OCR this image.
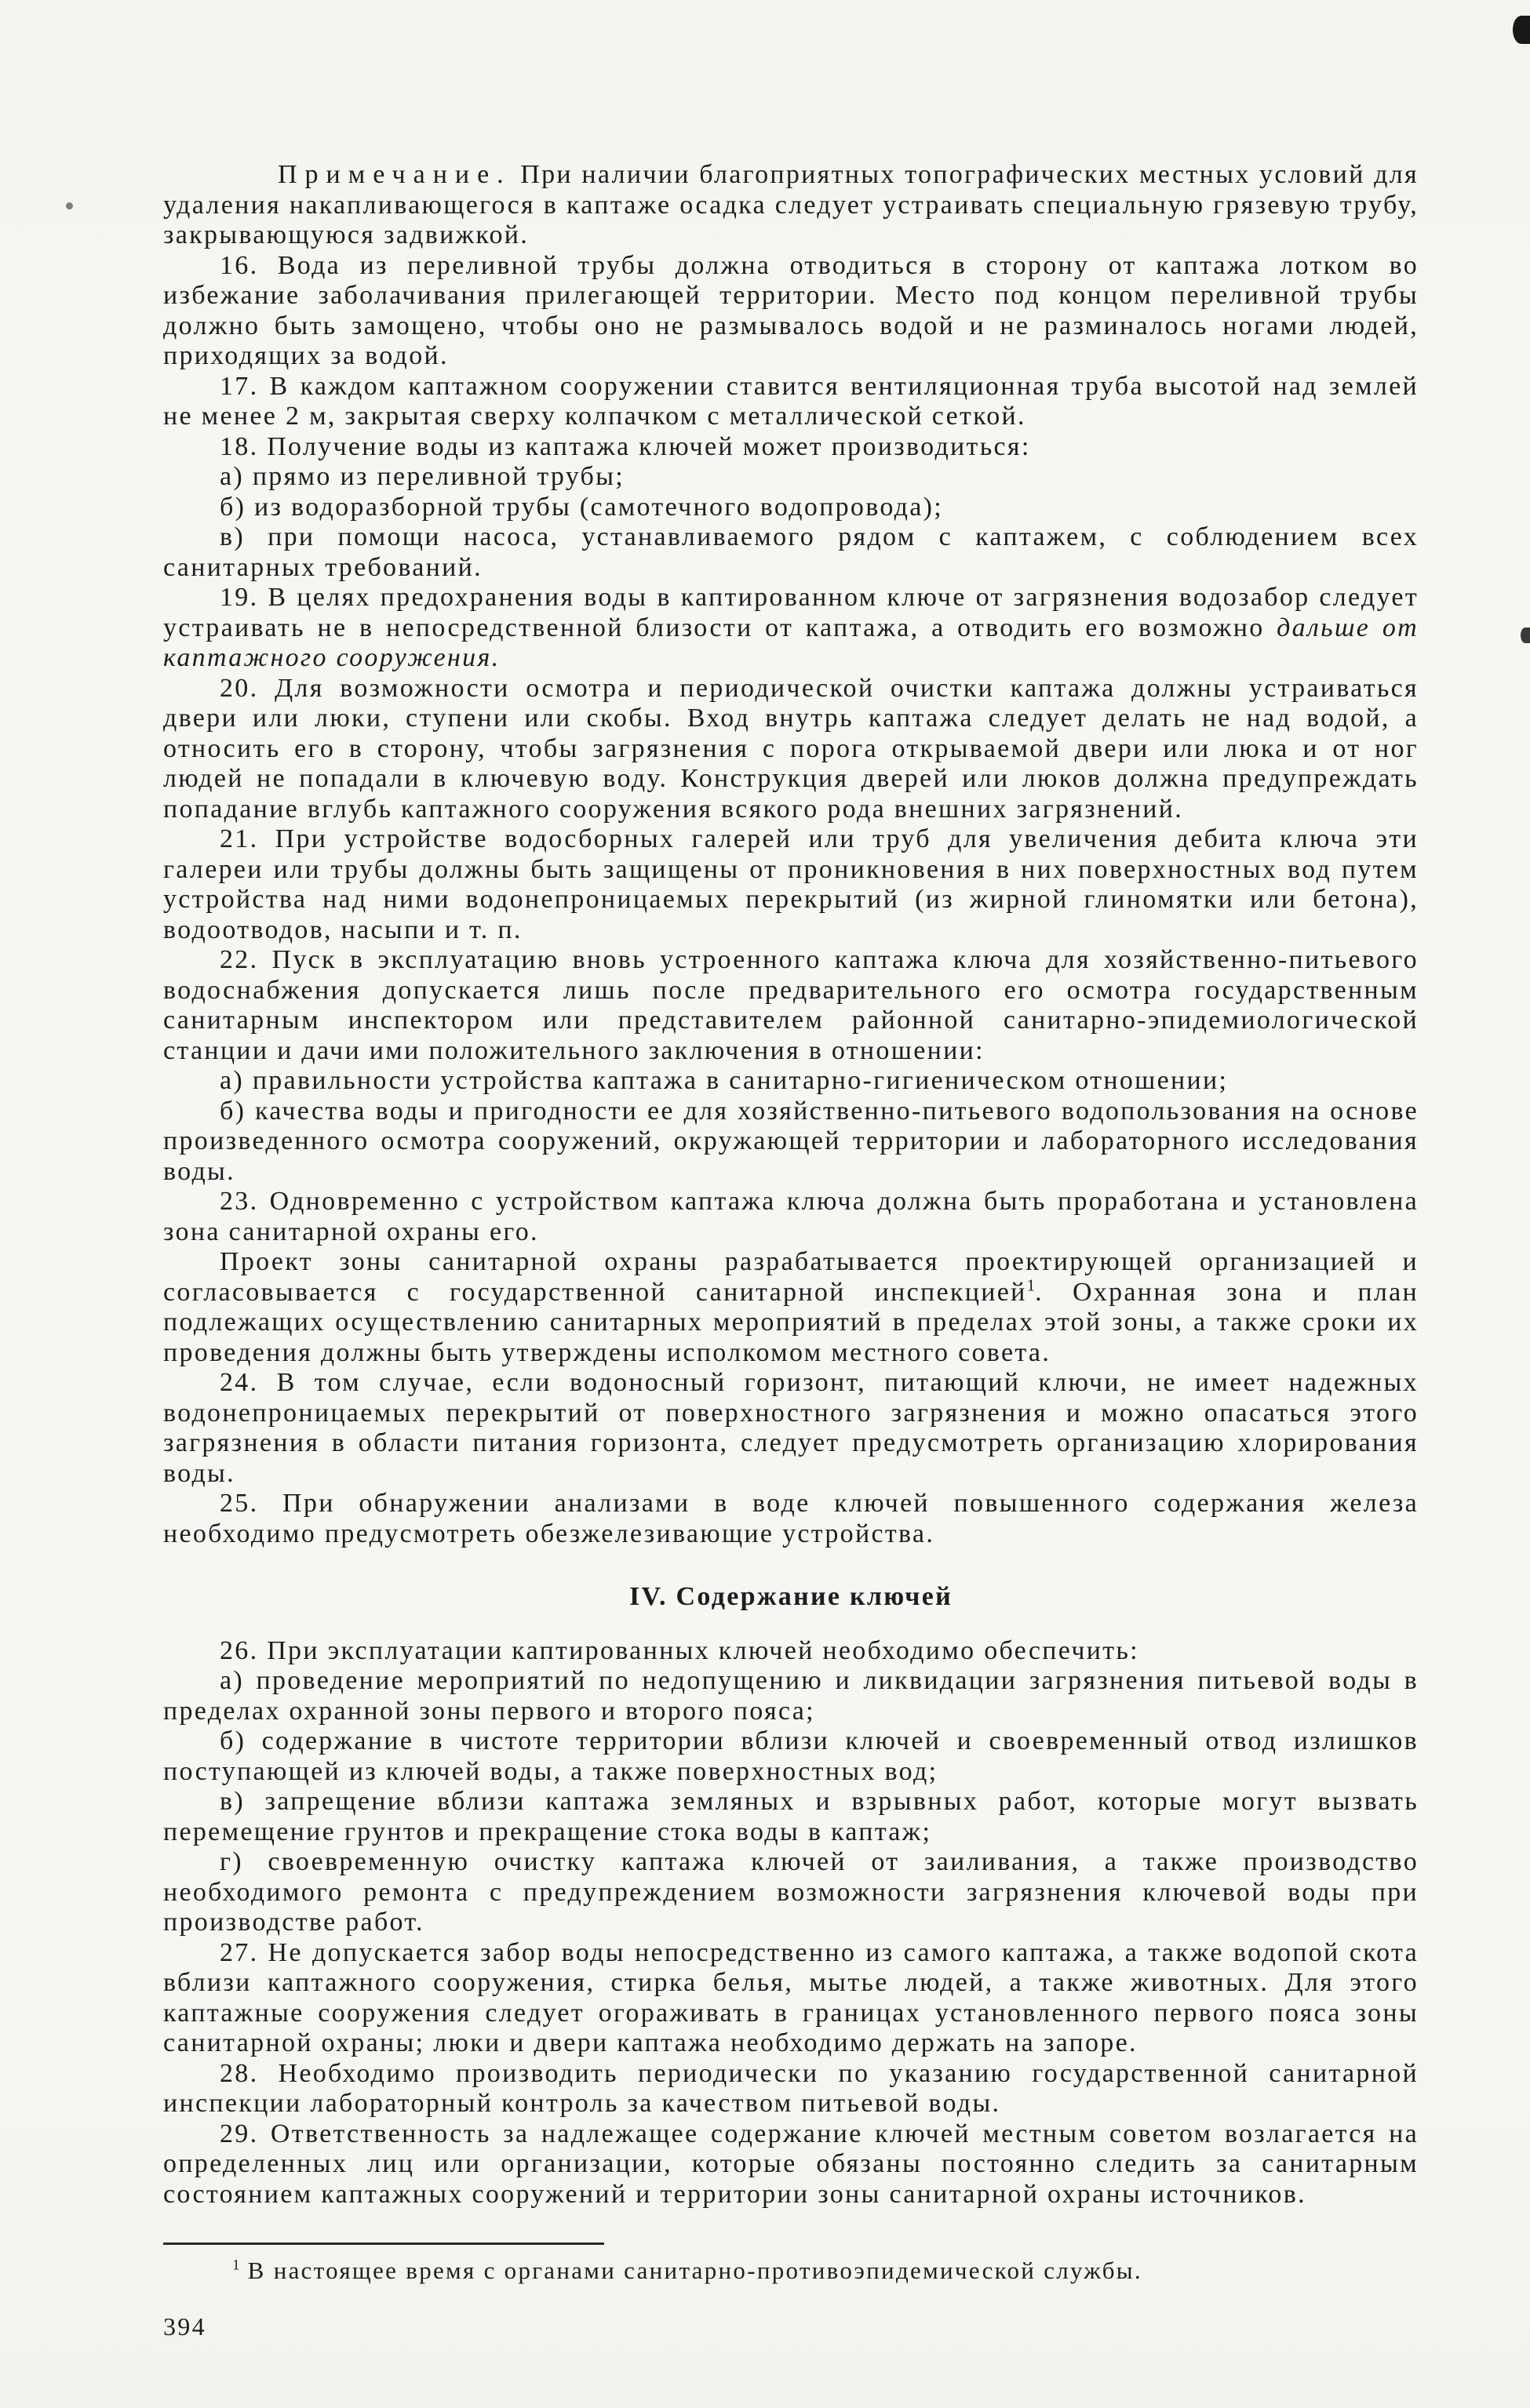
Примечание. При наличии благоприятных топографических местных условий для удаления накапливающегося в каптаже осадка следует устраивать специальную грязевую трубу, закрывающуюся задвижкой.

16. Вода из переливной трубы должна отводиться в сторону от каптажа лотком во избежание заболачивания прилегающей территории. Место под концом переливной трубы должно быть замощено, чтобы оно не размывалось водой и не разминалось ногами людей, приходящих за водой.

17. В каждом каптажном сооружении ставится вентиляционная труба высотой над землей не менее 2 м, закрытая сверху колпачком с металлической сеткой.

18. Получение воды из каптажа ключей может производиться:

а) прямо из переливной трубы;

б) из водоразборной трубы (самотечного водопровода);

в) при помощи насоса, устанавливаемого рядом с каптажем, с соблюдением всех санитарных требований.

19. В целях предохранения воды в каптированном ключе от загрязнения водозабор следует устраивать не в непосредственной близости от каптажа, а отводить его возможно дальше от каптажного сооружения.

20. Для возможности осмотра и периодической очистки каптажа должны устраиваться двери или люки, ступени или скобы. Вход внутрь каптажа следует делать не над водой, а относить его в сторону, чтобы загрязнения с порога открываемой двери или люка и от ног людей не попадали в ключевую воду. Конструкция дверей или люков должна предупреждать попадание вглубь каптажного сооружения всякого рода внешних загрязнений.

21. При устройстве водосборных галерей или труб для увеличения дебита ключа эти галереи или трубы должны быть защищены от проникновения в них поверхностных вод путем устройства над ними водонепроницаемых перекрытий (из жирной глиномятки или бетона), водоотводов, насыпи и т. п.

22. Пуск в эксплуатацию вновь устроенного каптажа ключа для хозяйственно-питьевого водоснабжения допускается лишь после предварительного его осмотра государственным санитарным инспектором или представителем районной санитарно-эпидемиологической станции и дачи ими положительного заключения в отношении:

а) правильности устройства каптажа в санитарно-гигиеническом отношении;

б) качества воды и пригодности ее для хозяйственно-питьевого водопользования на основе произведенного осмотра сооружений, окружающей территории и лабораторного исследования воды.

23. Одновременно с устройством каптажа ключа должна быть проработана и установлена зона санитарной охраны его.

Проект зоны санитарной охраны разрабатывается проектирующей организацией и согласовывается с государственной санитарной инспекцией$^1$. Охранная зона и план подлежащих осуществлению санитарных мероприятий в пределах этой зоны, а также сроки их проведения должны быть утверждены исполкомом местного совета.

24. В том случае, если водоносный горизонт, питающий ключи, не имеет надежных водонепроницаемых перекрытий от поверхностного загрязнения и можно опасаться этого загрязнения в области питания горизонта, следует предусмотреть организацию хлорирования воды.

25. При обнаружении анализами в воде ключей повышенного содержания железа необходимо предусмотреть обезжелезивающие устройства.

IV. Содержание ключей

26. При эксплуатации каптированных ключей необходимо обеспечить:

а) проведение мероприятий по недопущению и ликвидации загрязнения питьевой воды в пределах охранной зоны первого и второго пояса;

б) содержание в чистоте территории вблизи ключей и своевременный отвод излишков поступающей из ключей воды, а также поверхностных вод;

в) запрещение вблизи каптажа земляных и взрывных работ, которые могут вызвать перемещение грунтов и прекращение стока воды в каптаж;

г) своевременную очистку каптажа ключей от заиливания, а также производство необходимого ремонта с предупреждением возможности загрязнения ключевой воды при производстве работ.

27. Не допускается забор воды непосредственно из самого каптажа, а также водопой скота вблизи каптажного сооружения, стирка белья, мытье людей, а также животных. Для этого каптажные сооружения следует огораживать в границах установленного первого пояса зоны санитарной охраны; люки и двери каптажа необходимо держать на запоре.

28. Необходимо производить периодически по указанию государственной санитарной инспекции лабораторный контроль за качеством питьевой воды.

29. Ответственность за надлежащее содержание ключей местным советом возлагается на определенных лиц или организации, которые обязаны постоянно следить за санитарным состоянием каптажных сооружений и территории зоны санитарной охраны источников.

$^1$ В настоящее время с органами санитарно-противоэпидемической службы.

394
